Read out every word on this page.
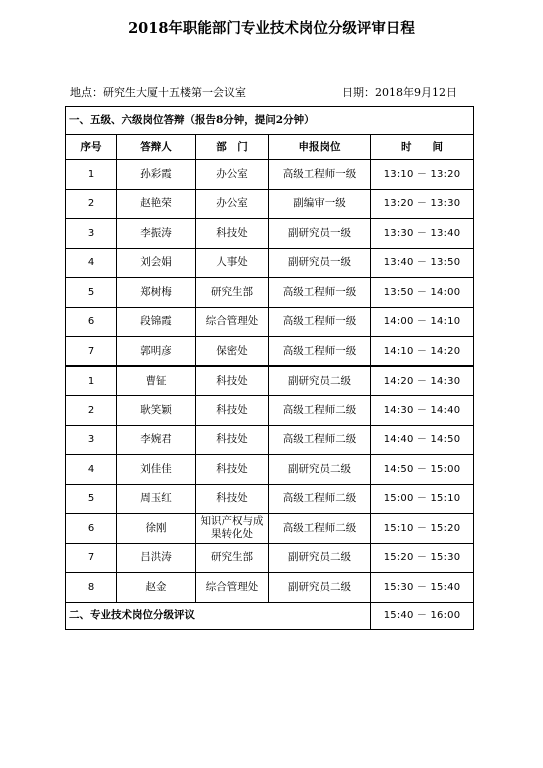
2018年职能部门专业技术岗位分级评审日程
地点：研究生大厦十五楼第一会议室	日期：2018年9月12日
一、五级、六级岗位答辩（报告8分钟，提问2分钟）				
序号	答辩人	部　门	申报岗位	时　　间
1	孙彩霞	办公室	高级工程师一级	13:10 － 13:20
2	赵艳荣	办公室	副编审一级	13:20 － 13:30
3	李振涛	科技处	副研究员一级	13:30 － 13:40
4	刘会娟	人事处	副研究员一级	13:40 － 13:50
5	郑树梅	研究生部	高级工程师一级	13:50 － 14:00
6	段锦霞	综合管理处	高级工程师一级	14:00 － 14:10
7	郭明彦	保密处	高级工程师一级	14:10 － 14:20
1	曹钲	科技处	副研究员二级	14:20 － 14:30
2	耿笑颖	科技处	高级工程师二级	14:30 － 14:40
3	李婉君	科技处	高级工程师二级	14:40 － 14:50
4	刘佳佳	科技处	副研究员二级	14:50 － 15:00
5	周玉红	科技处	高级工程师二级	15:00 － 15:10
6	徐刚	知识产权与成果转化处	高级工程师二级	15:10 － 15:20
7	吕洪涛	研究生部	副研究员二级	15:20 － 15:30
8	赵金	综合管理处	副研究员二级	15:30 － 15:40
二、专业技术岗位分级评议				15:40 － 16:00
